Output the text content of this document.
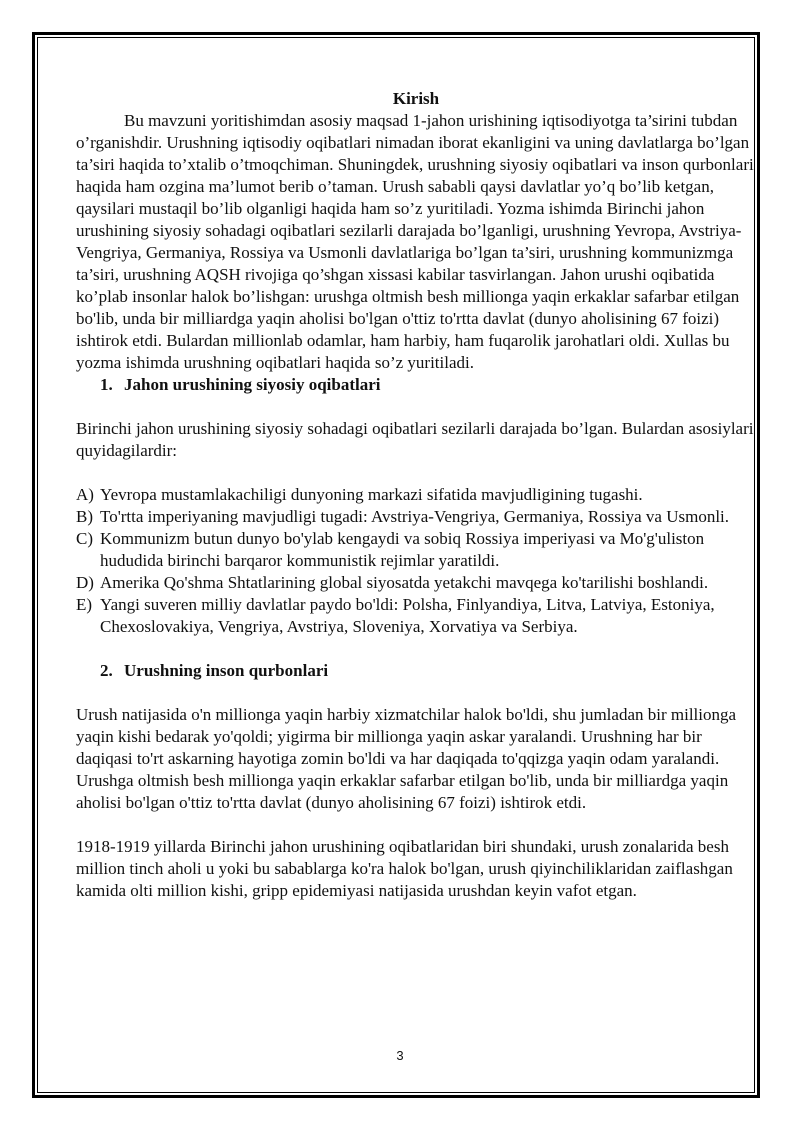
Kirish

Bu mavzuni yoritishimdan asosiy maqsad 1-jahon urishining iqtisodiyotga ta’sirini tubdan o’rganishdir. Urushning iqtisodiy oqibatlari nimadan iborat ekanligini va uning davlatlarga bo’lgan ta’siri haqida to’xtalib o’tmoqchiman. Shuningdek, urushning siyosiy oqibatlari va inson qurbonlari haqida ham ozgina ma’lumot berib o’taman. Urush sababli qaysi davlatlar yo’q bo’lib ketgan, qaysilari mustaqil bo’lib olganligi haqida ham so’z yuritiladi. Yozma ishimda Birinchi jahon urushining siyosiy sohadagi oqibatlari sezilarli darajada bo’lganligi, urushning Yevropa, Avstriya-Vengriya, Germaniya, Rossiya va Usmonli davlatlariga bo’lgan ta’siri, urushning kommunizmga ta’siri, urushning AQSH rivojiga qo’shgan xissasi kabilar tasvirlangan. Jahon urushi oqibatida ko’plab insonlar halok bo’lishgan: urushga oltmish besh millionga yaqin erkaklar safarbar etilgan bo'lib, unda bir milliardga yaqin aholisi bo'lgan o'ttiz to'rtta davlat (dunyo aholisining 67 foizi) ishtirok etdi. Bulardan millionlab odamlar, ham harbiy, ham fuqarolik jarohatlari oldi. Xullas bu yozma ishimda urushning oqibatlari haqida so’z yuritiladi.

1. Jahon urushining siyosiy oqibatlari

Birinchi jahon urushining siyosiy sohadagi oqibatlari sezilarli darajada bo’lgan. Bulardan asosiylari quyidagilardir:

A) Yevropa mustamlakachiligi dunyoning markazi sifatida mavjudligining tugashi.
B) To'rtta imperiyaning mavjudligi tugadi: Avstriya-Vengriya, Germaniya, Rossiya va Usmonli.
C) Kommunizm butun dunyo bo'ylab kengaydi va sobiq Rossiya imperiyasi va Mo'g'uliston hududida birinchi barqaror kommunistik rejimlar yaratildi.
D) Amerika Qo'shma Shtatlarining global siyosatda yetakchi mavqega ko'tarilishi boshlandi.
E) Yangi suveren milliy davlatlar paydo bo'ldi: Polsha, Finlyandiya, Litva, Latviya, Estoniya, Chexoslovakiya, Vengriya, Avstriya, Sloveniya, Xorvatiya va Serbiya.

2. Urushning inson qurbonlari

Urush natijasida o'n millionga yaqin harbiy xizmatchilar halok bo'ldi, shu jumladan bir millionga yaqin kishi bedarak yo'qoldi; yigirma bir millionga yaqin askar yaralandi. Urushning har bir daqiqasi to'rt askarning hayotiga zomin bo'ldi va har daqiqada to'qqizga yaqin odam yaralandi. Urushga oltmish besh millionga yaqin erkaklar safarbar etilgan bo'lib, unda bir milliardga yaqin aholisi bo'lgan o'ttiz to'rtta davlat (dunyo aholisining 67 foizi) ishtirok etdi.

1918-1919 yillarda Birinchi jahon urushining oqibatlaridan biri shundaki, urush zonalarida besh million tinch aholi u yoki bu sabablarga ko'ra halok bo'lgan, urush qiyinchiliklaridan zaiflashgan kamida olti million kishi, gripp epidemiyasi natijasida urushdan keyin vafot etgan.

3
